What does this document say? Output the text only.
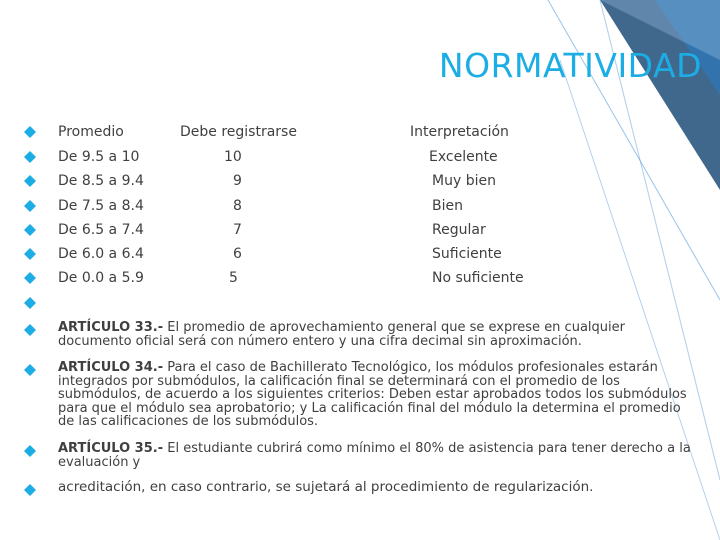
NORMATIVIDAD
Promedio	Debe registrarse	Interpretación
De 9.5 a 10	10	Excelente
De 8.5 a 9.4	9	Muy bien
De 7.5 a 8.4	8	Bien
De 6.5 a 7.4	7	Regular
De 6.0 a 6.4	6	Suficiente
De 0.0 a 5.9	5	No suficiente
ARTÍCULO 33.- El promedio de aprovechamiento general que se exprese en cualquier documento oficial será con número entero y una cifra decimal sin aproximación.
ARTÍCULO 34.- Para el caso de Bachillerato Tecnológico, los módulos profesionales estarán integrados por submódulos, la calificación final se determinará con el promedio de los submódulos, de acuerdo a los siguientes criterios: Deben estar aprobados todos los submódulos para que el módulo sea aprobatorio; y La calificación final del módulo la determina el promedio de las calificaciones de los submódulos.
ARTÍCULO 35.- El estudiante cubrirá como mínimo el 80% de asistencia para tener derecho a la evaluación y
acreditación, en caso contrario, se sujetará al procedimiento de regularización.
